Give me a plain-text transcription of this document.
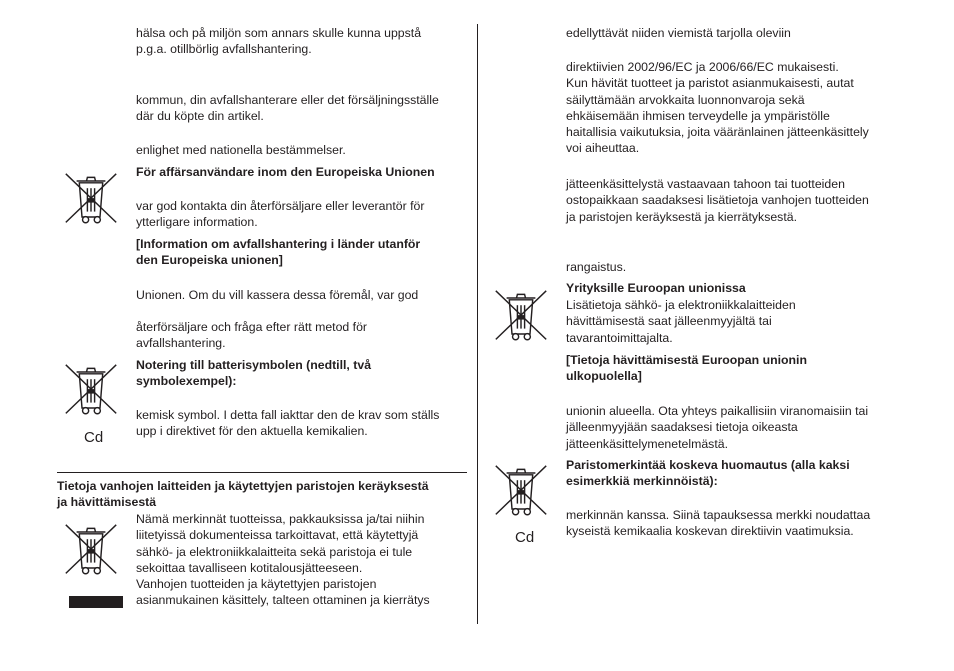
hälsa och på miljön som annars skulle kunna uppstå
p.g.a. otillbörlig avfallshantering.
kommun, din avfallshanterare eller det försäljningsställe
där du köpte din artikel.
enlighet med nationella bestämmelser.
För affärsanvändare inom den Europeiska Unionen
var god kontakta din återförsäljare eller leverantör för
ytterligare information.
[Information om avfallshantering i länder utanför
den Europeiska unionen]
Unionen. Om du vill kassera dessa föremål, var god
återförsäljare och fråga efter rätt metod för
avfallshantering.
Cd
Notering till batterisymbolen (nedtill, två
symbolexempel):
kemisk symbol. I detta fall iakttar den de krav som ställs
upp i direktivet för den aktuella kemikalien.
Tietoja vanhojen laitteiden ja käytettyjen paristojen keräyksestä
ja hävittämisestä
Nämä merkinnät tuotteissa, pakkauksissa ja/tai niihin
liitetyissä dokumenteissa tarkoittavat, että käytettyjä
sähkö- ja elektroniikkalaitteita sekä paristoja ei tule
sekoittaa tavalliseen kotitalousjätteeseen.
Vanhojen tuotteiden ja käytettyjen paristojen
asianmukainen käsittely, talteen ottaminen ja kierrätys
edellyttävät niiden viemistä tarjolla oleviin
direktiivien 2002/96/EC ja 2006/66/EC mukaisesti.
Kun hävität tuotteet ja paristot asianmukaisesti, autat
säilyttämään arvokkaita luonnonvaroja sekä
ehkäisemään ihmisen terveydelle ja ympäristölle
haitallisia vaikutuksia, joita vääränlainen jätteenkäsittely
voi aiheuttaa.
jätteenkäsittelystä vastaavaan tahoon tai tuotteiden
ostopaikkaan saadaksesi lisätietoja vanhojen tuotteiden
ja paristojen keräyksestä ja kierrätyksestä.
rangaistus.
Yrityksille Euroopan unionissa
Lisätietoja sähkö- ja elektroniikkalaitteiden
hävittämisestä saat jälleenmyyjältä tai
tavarantoimittajalta.
[Tietoja hävittämisestä Euroopan unionin
ulkopuolella]
unionin alueella. Ota yhteys paikallisiin viranomaisiin tai
jälleenmyyjään saadaksesi tietoja oikeasta
jätteenkäsittelymenetelmästä.
Cd
Paristomerkintää koskeva huomautus (alla kaksi
esimerkkiä merkinnöistä):
merkinnän kanssa. Siinä tapauksessa merkki noudattaa
kyseistä kemikaalia koskevan direktiivin vaatimuksia.
